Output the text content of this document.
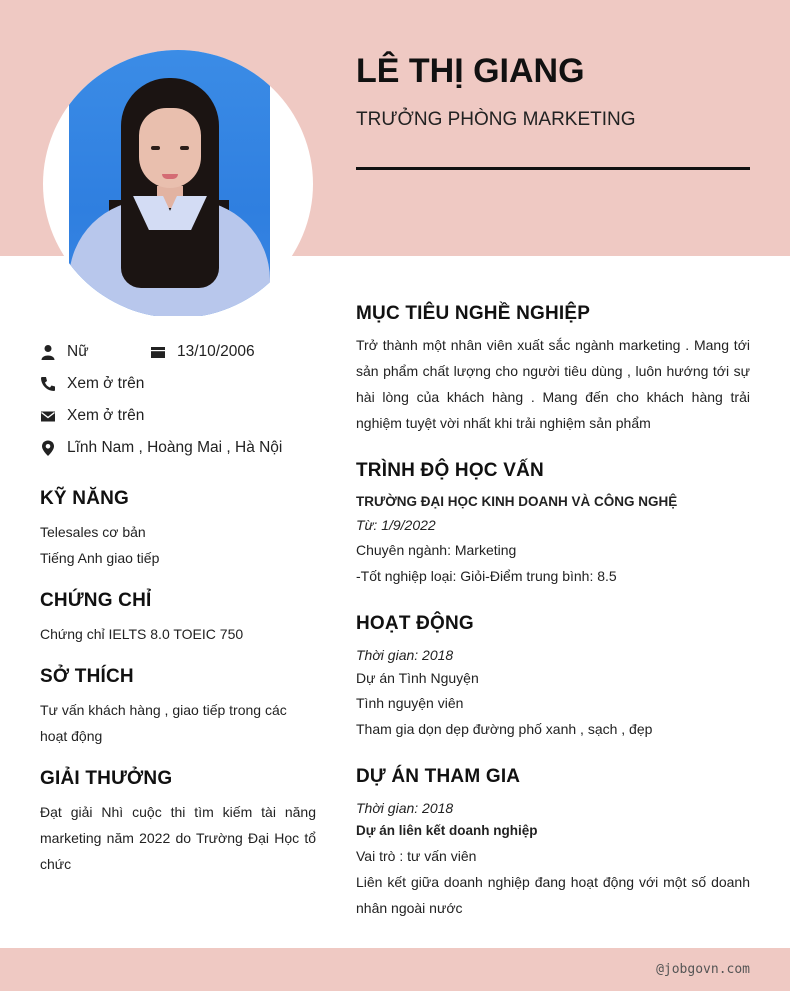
♡
LÊ THỊ GIANG
TRƯỞNG PHÒNG MARKETING
Nữ	13/10/2006
Xem ở trên
Xem ở trên
Lĩnh Nam , Hoàng Mai , Hà Nội
KỸ NĂNG
Telesales cơ bản
Tiếng Anh giao tiếp
CHỨNG CHỈ
Chứng chỉ IELTS 8.0 TOEIC 750
SỞ THÍCH
Tư vấn khách hàng , giao tiếp trong các hoạt động
GIẢI THƯỞNG
Đạt giải Nhì cuộc thi tìm kiếm tài năng marketing năm 2022 do Trường Đại Học tổ chức
MỤC TIÊU NGHỀ NGHIỆP
Trở thành một nhân viên xuất sắc ngành marketing . Mang tới sản phẩm chất lượng cho người tiêu dùng , luôn hướng tới sự hài lòng của khách hàng . Mang đến cho khách hàng trải nghiệm tuyệt vời nhất khi trải nghiệm sản phẩm
TRÌNH ĐỘ HỌC VẤN
TRƯỜNG ĐẠI HỌC KINH DOANH VÀ CÔNG NGHỆ
Từ: 1/9/2022
Chuyên ngành: Marketing
-Tốt nghiệp loại: Giỏi-Điểm trung bình: 8.5
HOẠT ĐỘNG
Thời gian: 2018
Dự án Tình Nguyện
Tình nguyện viên
Tham gia dọn dẹp đường phố xanh , sạch , đẹp
DỰ ÁN THAM GIA
Thời gian: 2018
Dự án liên kết doanh nghiệp
Vai trò : tư vấn viên
Liên kết giữa doanh nghiệp đang hoạt động với một số doanh nhân ngoài nước
@jobgovn.com
